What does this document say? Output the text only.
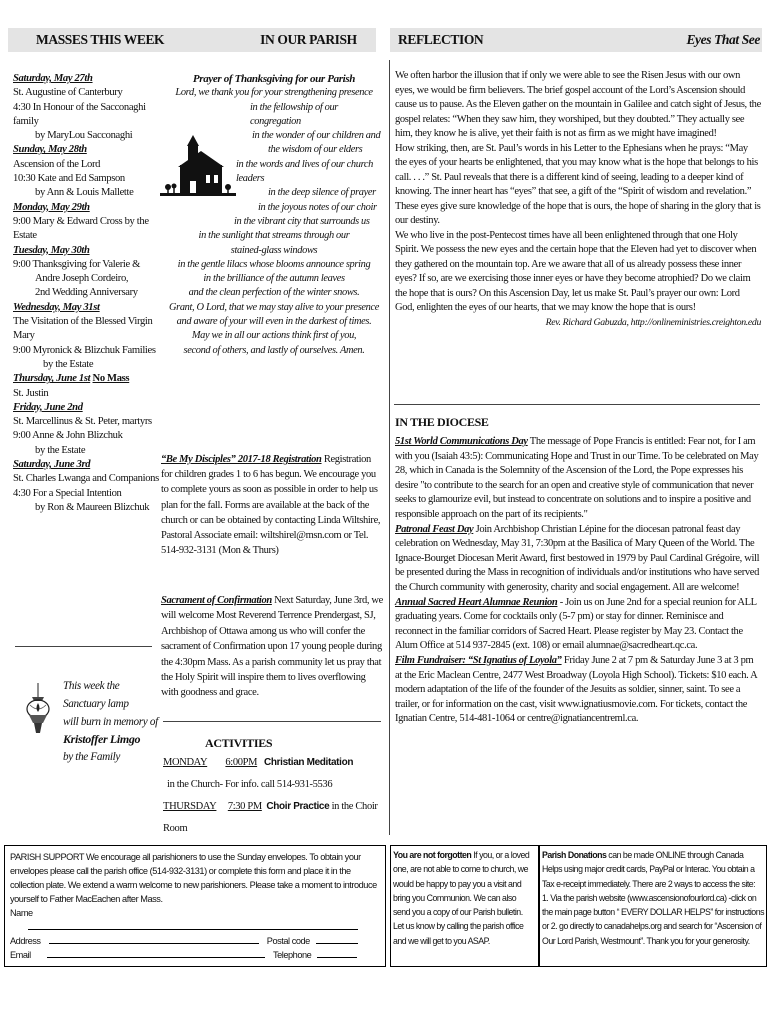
MASSES THIS WEEK	IN OUR PARISH	REFLECTION	Eyes That See

Saturday, May 27th

St. Augustine of Canterbury

4:30 In Honour of the Sacconaghi family

by MaryLou Sacconaghi

Sunday, May 28th

Ascension of the Lord

10:30 Kate and Ed Sampson

by Ann & Louis Mallette

Monday, May 29th

9:00 Mary & Edward Cross by the Estate

Tuesday, May 30th

9:00 Thanksgiving for Valerie &

Andre Joseph Cordeiro,

2nd Wedding Anniversary

Wednesday, May 31st

The Visitation of the Blessed Virgin Mary

9:00 Myronick & Blizchuk Families

by the Estate

Thursday, June 1st No Mass

St. Justin

Friday, June 2nd

St. Marcellinus & St. Peter, martyrs

9:00 Anne & John Blizchuk

by the Estate

Saturday, June 3rd

St. Charles Lwanga and Companions

4:30 For a Special Intention

by Ron & Maureen Blizchuk

This week the

Sanctuary lamp

will burn in memory of

Kristoffer Limgo

by the Family

Prayer of Thanksgiving for our Parish

Lord, we thank you for your strengthening presence

in the fellowship of our congregation

in the wonder of our children and

the wisdom of our elders

in the words and lives of our church leaders

in the deep silence of prayer

in the joyous notes of our choir

in the vibrant city that surrounds us

in the sunlight that streams through our

stained-glass windows

in the gentle lilacs whose blooms announce spring

in the brilliance of the autumn leaves

and the clean perfection of the winter snows.

Grant, O Lord, that we may stay alive to your presence

and aware of your will even in the darkest of times.

May we in all our actions think first of you,

second of others, and lastly of ourselves. Amen.

“Be My Disciples” 2017-18 Registration Registration for children grades 1 to 6 has begun. We encourage you to complete yours as soon as possible in order to help us plan for the fall. Forms are available at the back of the church or can be obtained by contacting Linda Wiltshire, Pastoral Associate email: wiltshirel@msn.com or Tel. 514-932-3131 (Mon & Thurs)
Sacrament of Confirmation Next Saturday, June 3rd, we will welcome Most Reverend Terrence Prendergast, SJ, Archbishop of Ottawa among us who will confer the sacrament of Confirmation upon 17 young people during the 4:30pm Mass. As a parish community let us pray that the Holy Spirit will inspire them to lives overflowing with goodness and grace.

ACTIVITIES

MONDAY 6:00PM Christian Meditation

in the Church- For info. call 514-931-5536

THURSDAY 7:30 PM Choir Practice in the Choir Room

We often harbor the illusion that if only we were able to see the Risen Jesus with our own eyes, we would be firm believers. The brief gospel account of the Lord’s Ascension should cause us to pause. As the Eleven gather on the mountain in Galilee and catch sight of Jesus, the gospel relates: “When they saw him, they worshiped, but they doubted.” They actually see him, they know he is alive, yet their faith is not as firm as we might have imagined!

How striking, then, are St. Paul’s words in his Letter to the Ephesians when he prays: “May the eyes of your hearts be enlightened, that you may know what is the hope that belongs to his call. . . .” St. Paul reveals that there is a different kind of seeing, leading to a deeper kind of knowing. The inner heart has “eyes” that see, a gift of the “Spirit of wisdom and revelation.” These eyes give sure knowledge of the hope that is ours, the hope of sharing in the glory that is our destiny.

We who live in the post-Pentecost times have all been enlightened through that one Holy Spirit. We possess the new eyes and the certain hope that the Eleven had yet to discover when they gathered on the mountain top. Are we aware that all of us already possess these inner eyes? If so, are we exercising those inner eyes or have they become atrophied? Do we claim the hope that is ours? On this Ascension Day, let us make St. Paul’s prayer our own: Lord God, enlighten the eyes of our hearts, that we may know the hope that is ours!

Rev. Richard Gabuzda, http://onlineministries.creighton.edu

IN THE DIOCESE

51st World Communications Day The message of Pope Francis is entitled: Fear not, for I am with you (Isaiah 43:5): Communicating Hope and Trust in our Time. To be celebrated on May 28, which in Canada is the Solemnity of the Ascension of the Lord, the Pope expresses his desire "to contribute to the search for an open and creative style of communication that never seeks to glamourize evil, but instead to concentrate on solutions and to inspire a positive and responsible approach on the part of its recipients."

Patronal Feast Day Join Archbishop Christian Lépine for the diocesan patronal feast day celebration on Wednesday, May 31, 7:30pm at the Basilica of Mary Queen of the World. The Ignace-Bourget Diocesan Merit Award, first bestowed in 1979 by Paul Cardinal Grégoire, will be presented during the Mass in recognition of individuals and/or institutions who have served the Church community with generosity, charity and social engagement. All are welcome!

Annual Sacred Heart Alumnae Reunion - Join us on June 2nd for a special reunion for ALL graduating years. Come for cocktails only (5-7 pm) or stay for dinner. Reminisce and reconnect in the familiar corridors of Sacred Heart. Please register by May 23. Contact the Alum Office at 514 937-2845 (ext. 108) or email alumnae@sacredheart.qc.ca.

Film Fundraiser: “St Ignatius of Loyola” Friday June 2 at 7 pm & Saturday June 3 at 3 pm at the Eric Maclean Centre, 2477 West Broadway (Loyola High School). Tickets: $10 each. A modern adaptation of the life of the founder of the Jesuits as soldier, sinner, saint. To see a trailer, or for information on the cast, visit www.ignatiusmovie.com. For tickets, contact the Ignatian Centre, 514-481-1064 or centre@ignatiancentreml.ca.

PARISH SUPPORT We encourage all parishioners to use the Sunday envelopes. To obtain your envelopes please call the parish office (514-932-3131) or complete this form and place it in the collection plate. We extend a warm welcome to new parishioners. Please take a moment to introduce yourself to Father MacEachen after Mass.

Name

Address	Postal code

Email	Telephone

You are not forgotten If you, or a loved one, are not able to come to church, we would be happy to pay you a visit and bring you Communion. We can also send you a copy of our Parish bulletin. Let us know by calling the parish office and we will get to you ASAP.
Parish Donations can be made ONLINE through Canada Helps using major credit cards, PayPal or Interac. You obtain a Tax e-receipt immediately. There are 2 ways to access the site:

1. Via the parish website (www.ascensionofourlord.ca) -click on the main page button “ EVERY DOLLAR HELPS” for instructions

or 2. go directly to canadahelps.org and search for “Ascension of Our Lord Parish, Westmount”. Thank you for your generosity.
